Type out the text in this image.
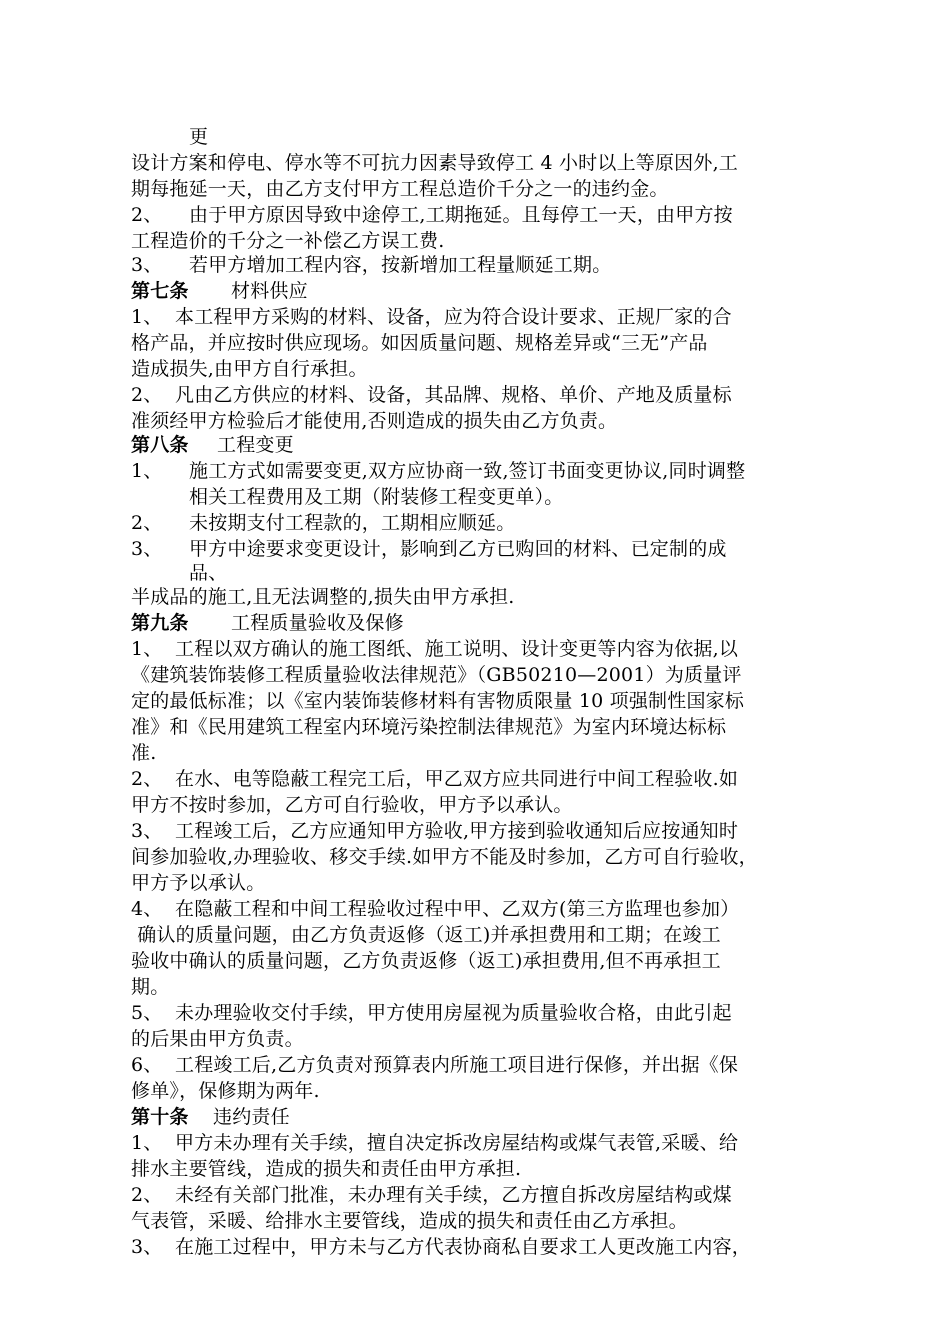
更
设计方案和停电、停水等不可抗力因素导致停工 4 小时以上等原因外,工
期每拖延一天，由乙方支付甲方工程总造价千分之一的违约金。
2、 由于甲方原因导致中途停工,工期拖延。且每停工一天，由甲方按
工程造价的千分之一补偿乙方误工费.
3、 若甲方增加工程内容，按新增加工程量顺延工期。
第七条 材料供应
1、 本工程甲方采购的材料、设备，应为符合设计要求、正规厂家的合
格产品，并应按时供应现场。如因质量问题、规格差异或“三无”产品
造成损失,由甲方自行承担。
2、 凡由乙方供应的材料、设备，其品牌、规格、单价、产地及质量标
准须经甲方检验后才能使用,否则造成的损失由乙方负责。
第八条 工程变更
1、 施工方式如需要变更,双方应协商一致,签订书面变更协议,同时调整
相关工程费用及工期（附装修工程变更单）。
2、 未按期支付工程款的，工期相应顺延。
3、 甲方中途要求变更设计，影响到乙方已购回的材料、已定制的成
品、
半成品的施工,且无法调整的,损失由甲方承担.
第九条 工程质量验收及保修
1、 工程以双方确认的施工图纸、施工说明、设计变更等内容为依据,以
《建筑装饰装修工程质量验收法律规范》（GB50210—2001）为质量评
定的最低标准；以《室内装饰装修材料有害物质限量 10 项强制性国家标
准》和《民用建筑工程室内环境污染控制法律规范》为室内环境达标标
准.
2、 在水、电等隐蔽工程完工后，甲乙双方应共同进行中间工程验收.如
甲方不按时参加，乙方可自行验收，甲方予以承认。
3、 工程竣工后，乙方应通知甲方验收,甲方接到验收通知后应按通知时
间参加验收,办理验收、移交手续.如甲方不能及时参加，乙方可自行验收，
甲方予以承认。
4、 在隐蔽工程和中间工程验收过程中甲、乙双方(第三方监理也参加）
确认的质量问题，由乙方负责返修（返工)并承担费用和工期；在竣工
验收中确认的质量问题，乙方负责返修（返工)承担费用,但不再承担工
期。
5、 未办理验收交付手续，甲方使用房屋视为质量验收合格，由此引起
的后果由甲方负责。
6、 工程竣工后,乙方负责对预算表内所施工项目进行保修，并出据《保
修单》，保修期为两年.
第十条 违约责任
1、 甲方未办理有关手续，擅自决定拆改房屋结构或煤气表管,采暖、给
排水主要管线，造成的损失和责任由甲方承担.
2、 未经有关部门批准，未办理有关手续，乙方擅自拆改房屋结构或煤
气表管，采暖、给排水主要管线，造成的损失和责任由乙方承担。
3、 在施工过程中，甲方未与乙方代表协商私自要求工人更改施工内容，
